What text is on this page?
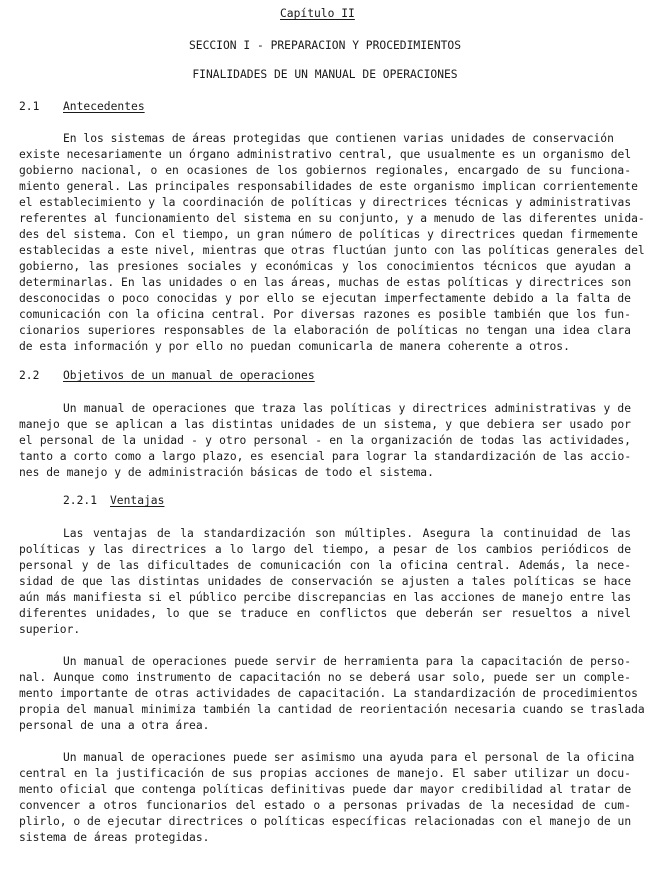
Capítulo II
SECCION I - PREPARACION Y PROCEDIMIENTOS
FINALIDADES DE UN MANUAL DE OPERACIONES
2.1 Antecedentes
En los sistemas de áreas protegidas que contienen varias unidades de conservación
existe necesariamente un órgano administrativo central, que usualmente es un organismo del
gobierno nacional, o en ocasiones de los gobiernos regionales, encargado de su funciona-
miento general. Las principales responsabilidades de este organismo implican corrientemente
el establecimiento y la coordinación de políticas y directrices técnicas y administrativas
referentes al funcionamiento del sistema en su conjunto, y a menudo de las diferentes unida-
des del sistema. Con el tiempo, un gran número de políticas y directrices quedan firmemente
establecidas a este nivel, mientras que otras fluctúan junto con las políticas generales del
gobierno, las presiones sociales y económicas y los conocimientos técnicos que ayudan a
determinarlas. En las unidades o en las áreas, muchas de estas políticas y directrices son
desconocidas o poco conocidas y por ello se ejecutan imperfectamente debido a la falta de
comunicación con la oficina central. Por diversas razones es posible también que los fun-
cionarios superiores responsables de la elaboración de políticas no tengan una idea clara
de esta información y por ello no puedan comunicarla de manera coherente a otros.
2.2 Objetivos de un manual de operaciones
Un manual de operaciones que traza las políticas y directrices administrativas y de
manejo que se aplican a las distintas unidades de un sistema, y que debiera ser usado por
el personal de la unidad - y otro personal - en la organización de todas las actividades,
tanto a corto como a largo plazo, es esencial para lograr la standardización de las accio-
nes de manejo y de administración básicas de todo el sistema.
2.2.1 Ventajas
Las ventajas de la standardización son múltiples. Asegura la continuidad de las
políticas y las directrices a lo largo del tiempo, a pesar de los cambios periódicos de
personal y de las dificultades de comunicación con la oficina central. Además, la nece-
sidad de que las distintas unidades de conservación se ajusten a tales políticas se hace
aún más manifiesta si el público percibe discrepancias en las acciones de manejo entre las
diferentes unidades, lo que se traduce en conflictos que deberán ser resueltos a nivel
superior.
Un manual de operaciones puede servir de herramienta para la capacitación de perso-
nal. Aunque como instrumento de capacitación no se deberá usar solo, puede ser un comple-
mento importante de otras actividades de capacitación. La standardización de procedimientos
propia del manual minimiza también la cantidad de reorientación necesaria cuando se traslada
personal de una a otra área.
Un manual de operaciones puede ser asimismo una ayuda para el personal de la oficina
central en la justificación de sus propias acciones de manejo. El saber utilizar un docu-
mento oficial que contenga políticas definitivas puede dar mayor credibilidad al tratar de
convencer a otros funcionarios del estado o a personas privadas de la necesidad de cum-
plirlo, o de ejecutar directrices o políticas específicas relacionadas con el manejo de un
sistema de áreas protegidas.
